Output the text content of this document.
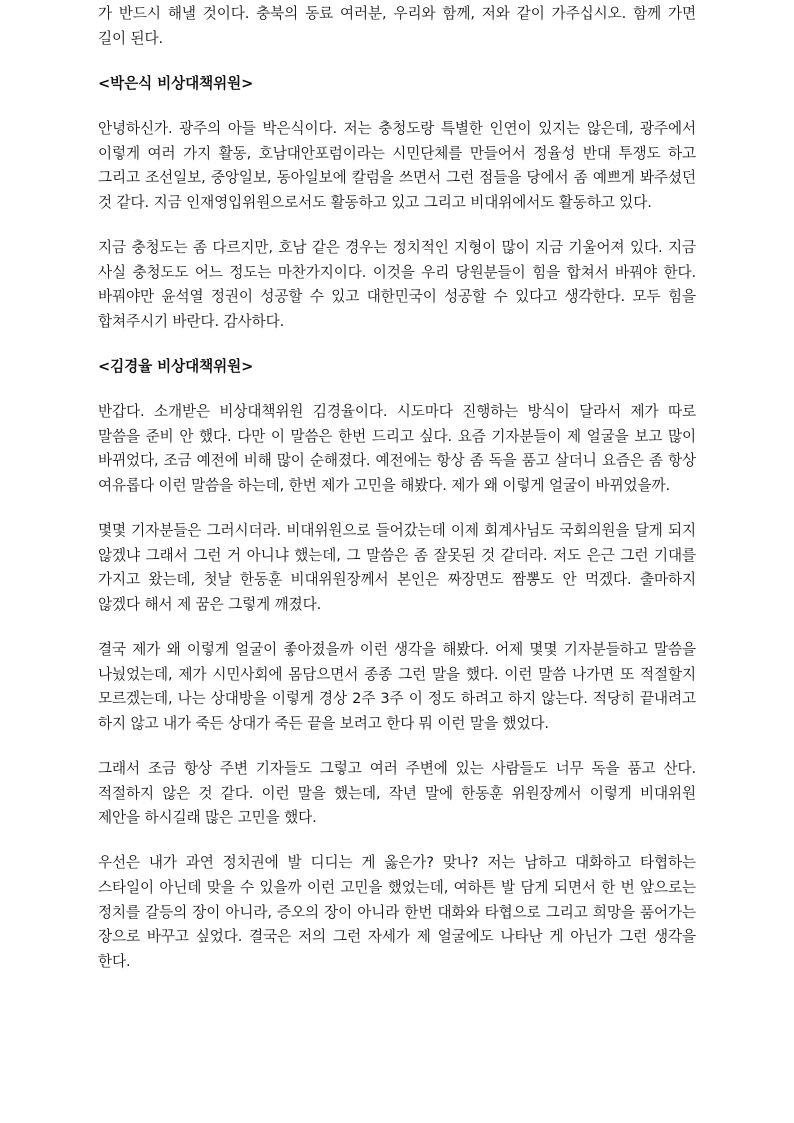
가 반드시 해낼 것이다. 충북의 동료 여러분, 우리와 함께, 저와 같이 가주십시오. 함께 가면 길이 된다.

<박은식 비상대책위원>

안녕하신가. 광주의 아들 박은식이다. 저는 충청도랑 특별한 인연이 있지는 않은데, 광주에서 이렇게 여러 가지 활동, 호남대안포럼이라는 시민단체를 만들어서 정율성 반대 투쟁도 하고 그리고 조선일보, 중앙일보, 동아일보에 칼럼을 쓰면서 그런 점들을 당에서 좀 예쁘게 봐주셨던 것 같다. 지금 인재영입위원으로서도 활동하고 있고 그리고 비대위에서도 활동하고 있다.

지금 충청도는 좀 다르지만, 호남 같은 경우는 정치적인 지형이 많이 지금 기울어져 있다. 지금 사실 충청도도 어느 정도는 마찬가지이다. 이것을 우리 당원분들이 힘을 합쳐서 바꿔야 한다. 바꿔야만 윤석열 정권이 성공할 수 있고 대한민국이 성공할 수 있다고 생각한다. 모두 힘을 합쳐주시기 바란다. 감사하다.

<김경율 비상대책위원>

반갑다. 소개받은 비상대책위원 김경율이다. 시도마다 진행하는 방식이 달라서 제가 따로 말씀을 준비 안 했다. 다만 이 말씀은 한번 드리고 싶다. 요즘 기자분들이 제 얼굴을 보고 많이 바뀌었다, 조금 예전에 비해 많이 순해졌다. 예전에는 항상 좀 독을 품고 살더니 요즘은 좀 항상 여유롭다 이런 말씀을 하는데, 한번 제가 고민을 해봤다. 제가 왜 이렇게 얼굴이 바뀌었을까.

몇몇 기자분들은 그러시더라. 비대위원으로 들어갔는데 이제 회계사님도 국회의원을 달게 되지 않겠냐 그래서 그런 거 아니냐 했는데, 그 말씀은 좀 잘못된 것 같더라. 저도 은근 그런 기대를 가지고 왔는데, 첫날 한동훈 비대위원장께서 본인은 짜장면도 짬뽕도 안 먹겠다. 출마하지 않겠다 해서 제 꿈은 그렇게 깨졌다.

결국 제가 왜 이렇게 얼굴이 좋아졌을까 이런 생각을 해봤다. 어제 몇몇 기자분들하고 말씀을 나눴었는데, 제가 시민사회에 몸담으면서 종종 그런 말을 했다. 이런 말씀 나가면 또 적절할지 모르겠는데, 나는 상대방을 이렇게 경상 2주 3주 이 정도 하려고 하지 않는다. 적당히 끝내려고 하지 않고 내가 죽든 상대가 죽든 끝을 보려고 한다 뭐 이런 말을 했었다.

그래서 조금 항상 주변 기자들도 그렇고 여러 주변에 있는 사람들도 너무 독을 품고 산다. 적절하지 않은 것 같다. 이런 말을 했는데, 작년 말에 한동훈 위원장께서 이렇게 비대위원 제안을 하시길래 많은 고민을 했다.

우선은 내가 과연 정치권에 발 디디는 게 옳은가? 맞나? 저는 남하고 대화하고 타협하는 스타일이 아닌데 맞을 수 있을까 이런 고민을 했었는데, 여하튼 발 담게 되면서 한 번 앞으로는 정치를 갈등의 장이 아니라, 증오의 장이 아니라 한번 대화와 타협으로 그리고 희망을 품어가는 장으로 바꾸고 싶었다. 결국은 저의 그런 자세가 제 얼굴에도 나타난 게 아닌가 그런 생각을 한다.
